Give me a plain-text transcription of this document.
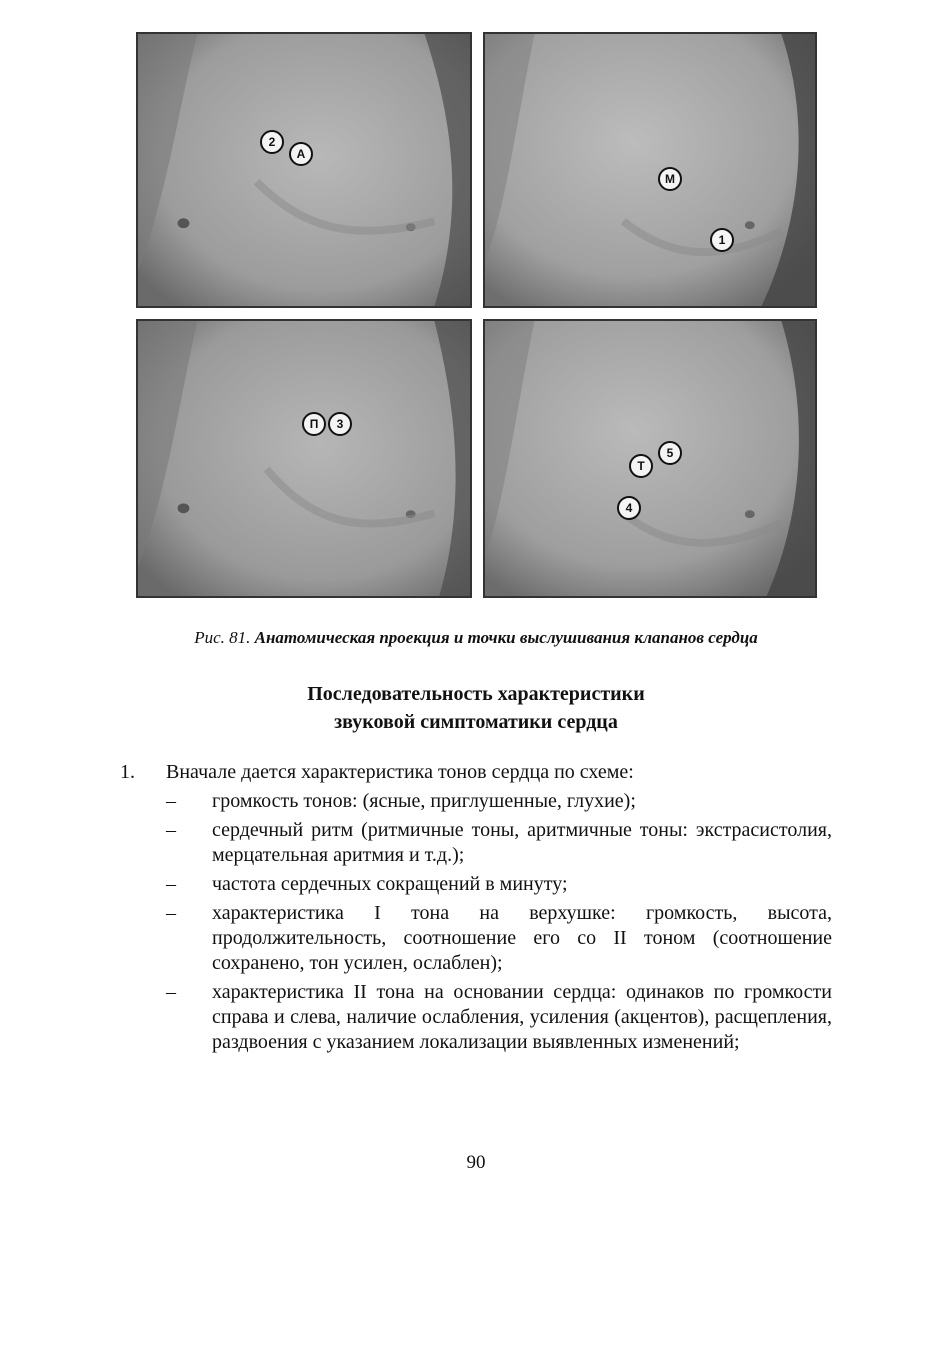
2
A
M
1
П	3
Т
5
4
Рис. 81. Анатомическая проекция и точки выслушивания клапанов сердца
Последовательность характеристики
звуковой симптоматики сердца
1. Вначале дается характеристика тонов сердца по схеме:
– громкость тонов: (ясные, приглушенные, глухие);
– сердечный ритм (ритмичные тоны, аритмичные тоны: экстрасистолия, мерцательная аритмия и т.д.);
– частота сердечных сокращений в минуту;
– характеристика I тона на верхушке: громкость, высота, продолжительность, соотношение его со II тоном (соотношение сохранено, тон усилен, ослаблен);
– характеристика II тона на основании сердца: одинаков по громкости справа и слева, наличие ослабления, усиления (акцентов), расщепления, раздвоения с указанием локализации выявленных изменений;
90
